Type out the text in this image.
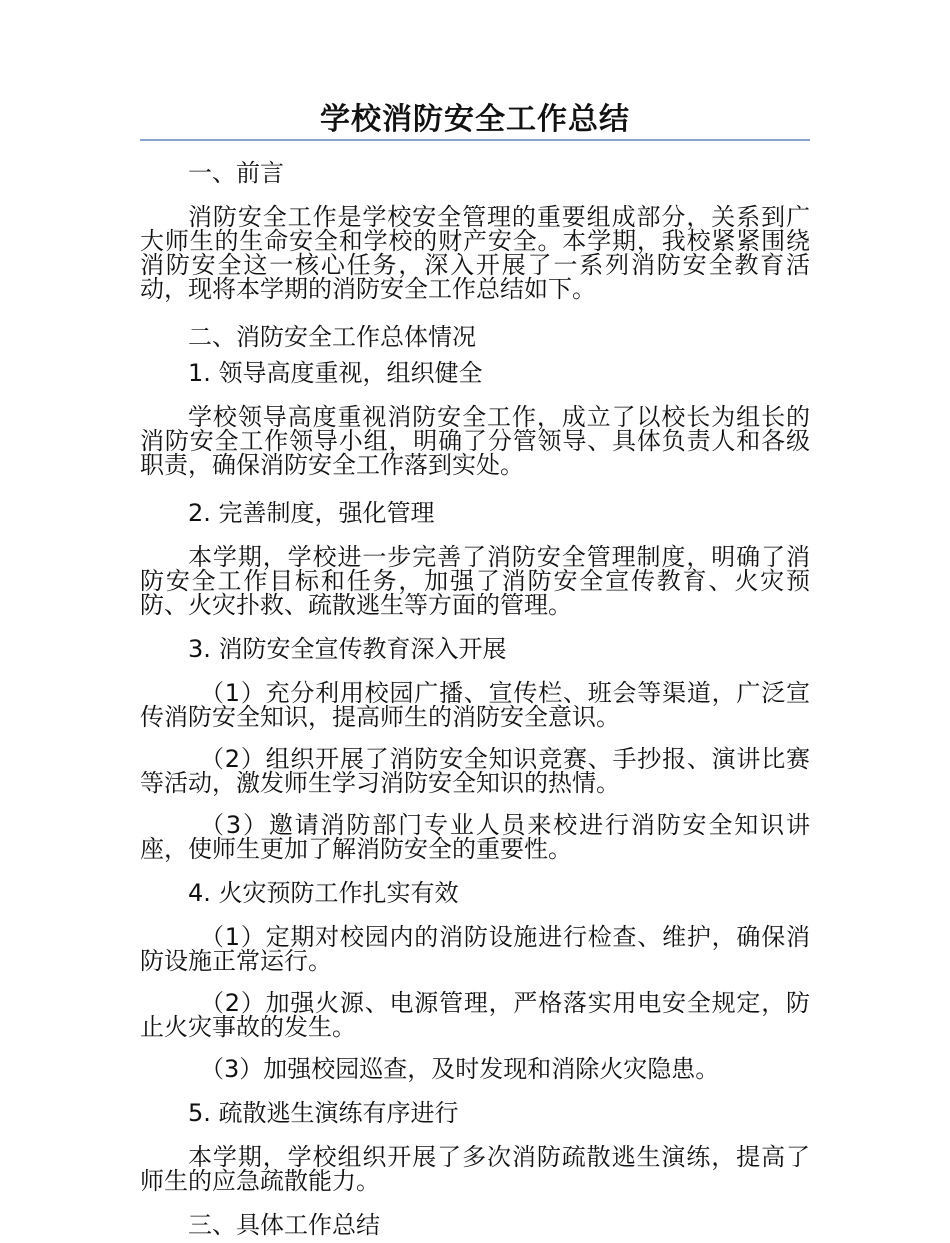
学校消防安全工作总结

一、前言

消防安全工作是学校安全管理的重要组成部分，关系到广大师生的生命安全和学校的财产安全。本学期，我校紧紧围绕消防安全这一核心任务，深入开展了一系列消防安全教育活动，现将本学期的消防安全工作总结如下。

二、消防安全工作总体情况

1. 领导高度重视，组织健全

学校领导高度重视消防安全工作，成立了以校长为组长的消防安全工作领导小组，明确了分管领导、具体负责人和各级职责，确保消防安全工作落到实处。

2. 完善制度，强化管理

本学期，学校进一步完善了消防安全管理制度，明确了消防安全工作目标和任务，加强了消防安全宣传教育、火灾预防、火灾扑救、疏散逃生等方面的管理。

3. 消防安全宣传教育深入开展

（1）充分利用校园广播、宣传栏、班会等渠道，广泛宣传消防安全知识，提高师生的消防安全意识。

（2）组织开展了消防安全知识竞赛、手抄报、演讲比赛等活动，激发师生学习消防安全知识的热情。

（3）邀请消防部门专业人员来校进行消防安全知识讲座，使师生更加了解消防安全的重要性。

4. 火灾预防工作扎实有效

（1）定期对校园内的消防设施进行检查、维护，确保消防设施正常运行。

（2）加强火源、电源管理，严格落实用电安全规定，防止火灾事故的发生。

（3）加强校园巡查，及时发现和消除火灾隐患。

5. 疏散逃生演练有序进行

本学期，学校组织开展了多次消防疏散逃生演练，提高了师生的应急疏散能力。

三、具体工作总结
